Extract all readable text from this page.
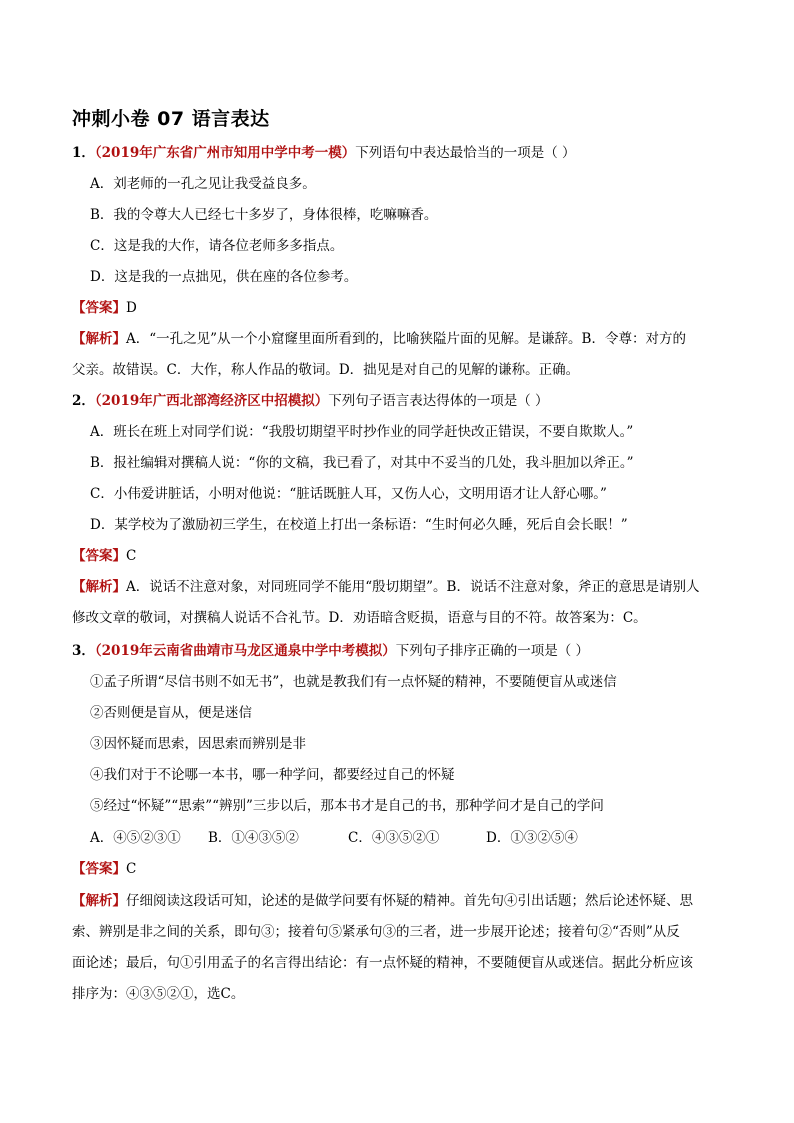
冲刺小卷 07 语言表达
1．（2019年广东省广州市知用中学中考一模）下列语句中表达最恰当的一项是（ ）
A．刘老师的一孔之见让我受益良多。
B．我的令尊大人已经七十多岁了，身体很棒，吃嘛嘛香。
C．这是我的大作，请各位老师多多指点。
D．这是我的一点拙见，供在座的各位参考。
【答案】D
【解析】A．“一孔之见”从一个小窟窿里面所看到的，比喻狭隘片面的见解。是谦辞。B．令尊：对方的
父亲。故错误。C．大作，称人作品的敬词。D．拙见是对自己的见解的谦称。正确。
2．（2019年广西北部湾经济区中招模拟）下列句子语言表达得体的一项是（ ）
A．班长在班上对同学们说：“我殷切期望平时抄作业的同学赶快改正错误，不要自欺欺人。”
B．报社编辑对撰稿人说：“你的文稿，我已看了，对其中不妥当的几处，我斗胆加以斧正。”
C．小伟爱讲脏话，小明对他说：“脏话既脏人耳，又伤人心，文明用语才让人舒心哪。”
D．某学校为了激励初三学生，在校道上打出一条标语：“生时何必久睡，死后自会长眠！”
【答案】C
【解析】A．说话不注意对象，对同班同学不能用“殷切期望”。B．说话不注意对象，斧正的意思是请别人
修改文章的敬词，对撰稿人说话不合礼节。D．劝语暗含贬损，语意与目的不符。故答案为：C。
3．（2019年云南省曲靖市马龙区通泉中学中考模拟）下列句子排序正确的一项是（ ）
①孟子所谓“尽信书则不如无书”，也就是教我们有一点怀疑的精神，不要随便盲从或迷信
②否则便是盲从，便是迷信
③因怀疑而思索，因思索而辨别是非
④我们对于不论哪一本书，哪一种学问，都要经过自己的怀疑
⑤经过“怀疑”“思索”“辨别”三步以后，那本书才是自己的书，那种学问才是自己的学问
A．④⑤②③① B．①④③⑤②	C．④③⑤②①	D．①③②⑤④
【答案】C
【解析】仔细阅读这段话可知，论述的是做学问要有怀疑的精神。首先句④引出话题；然后论述怀疑、思
索、辨别是非之间的关系，即句③；接着句⑤紧承句③的三者，进一步展开论述；接着句②“否则”从反
面论述；最后，句①引用孟子的名言得出结论：有一点怀疑的精神，不要随便盲从或迷信。据此分析应该
排序为：④③⑤②①，选C。
